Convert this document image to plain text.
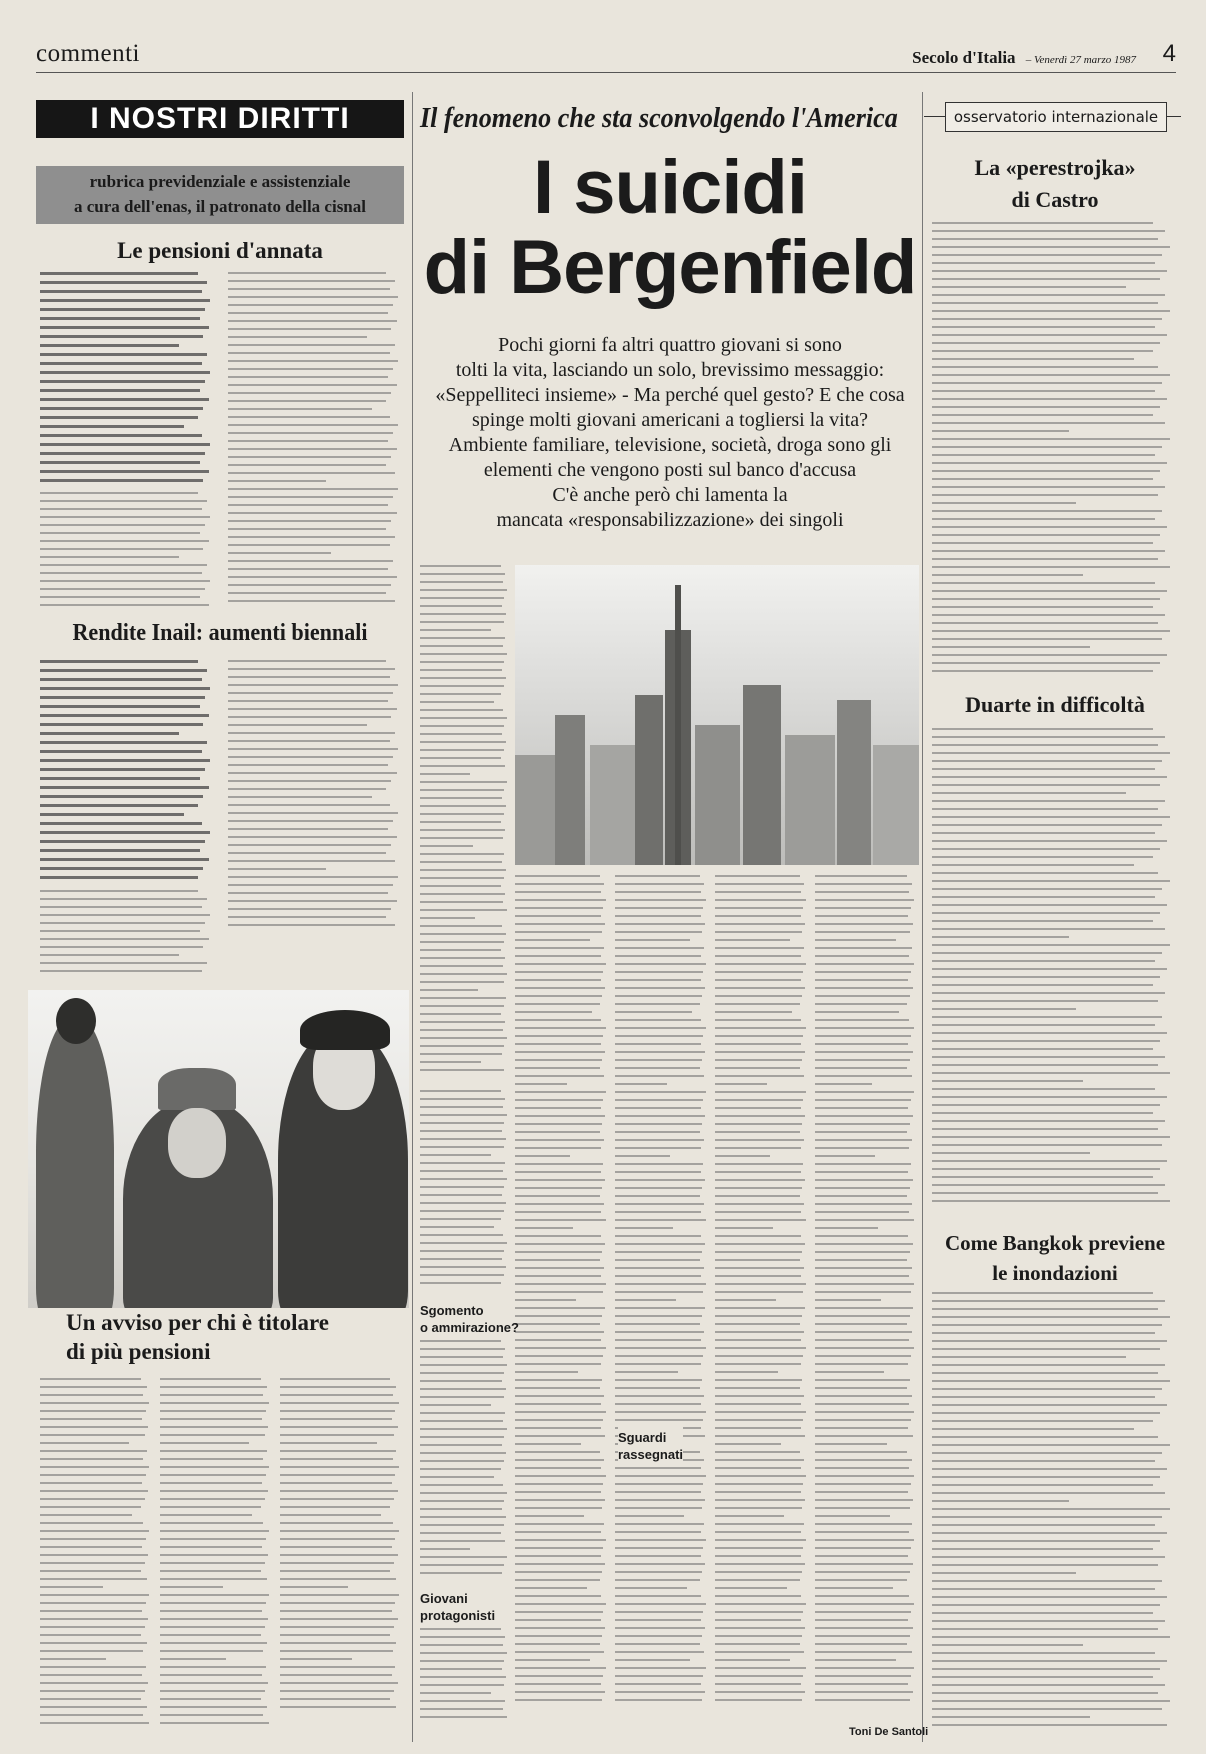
commenti	Secolo d'Italia – Venerdì 27 marzo 1987 4
I NOSTRI DIRITTI
rubrica previdenziale e assistenziale
a cura dell'enas, il patronato della cisnal
Le pensioni d'annata
Rendite Inail: aumenti biennali
Un avviso per chi è titolare
di più pensioni
Il fenomeno che sta sconvolgendo l'America
I suicidi
di Bergenfield
Pochi giorni fa altri quattro giovani si sono
tolti la vita, lasciando un solo, brevissimo messaggio:
«Seppelliteci insieme» - Ma perché quel gesto? E che cosa
spinge molti giovani americani a togliersi la vita?
Ambiente familiare, televisione, società, droga sono gli
elementi che vengono posti sul banco d'accusa
C'è anche però chi lamenta la
mancata «responsabilizzazione» dei singoli
Sgomento
o ammirazione?
Giovani
protagonisti
Sguardi
rassegnati
Toni De Santoli
osservatorio internazionale
La «perestrojka»
di Castro
Duarte in difficoltà
Come Bangkok previene
le inondazioni
